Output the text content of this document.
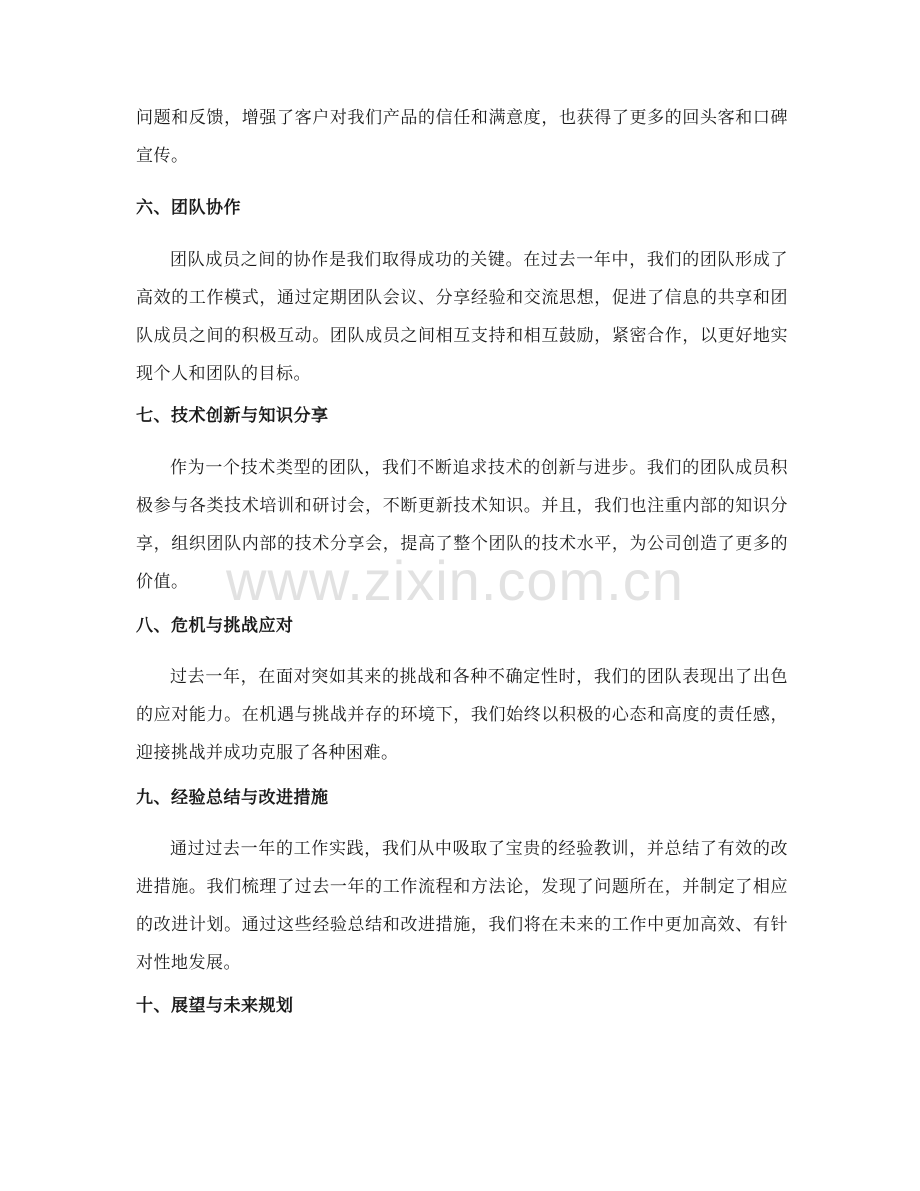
问题和反馈，增强了客户对我们产品的信任和满意度，也获得了更多的回头客和口碑宣传。

六、团队协作

团队成员之间的协作是我们取得成功的关键。在过去一年中，我们的团队形成了高效的工作模式，通过定期团队会议、分享经验和交流思想，促进了信息的共享和团队成员之间的积极互动。团队成员之间相互支持和相互鼓励，紧密合作，以更好地实现个人和团队的目标。

七、技术创新与知识分享

作为一个技术类型的团队，我们不断追求技术的创新与进步。我们的团队成员积极参与各类技术培训和研讨会，不断更新技术知识。并且，我们也注重内部的知识分享，组织团队内部的技术分享会，提高了整个团队的技术水平，为公司创造了更多的价值。

八、危机与挑战应对

过去一年，在面对突如其来的挑战和各种不确定性时，我们的团队表现出了出色的应对能力。在机遇与挑战并存的环境下，我们始终以积极的心态和高度的责任感，迎接挑战并成功克服了各种困难。

九、经验总结与改进措施

通过过去一年的工作实践，我们从中吸取了宝贵的经验教训，并总结了有效的改进措施。我们梳理了过去一年的工作流程和方法论，发现了问题所在，并制定了相应的改进计划。通过这些经验总结和改进措施，我们将在未来的工作中更加高效、有针对性地发展。

十、展望与未来规划
www.zixin.com.cn
